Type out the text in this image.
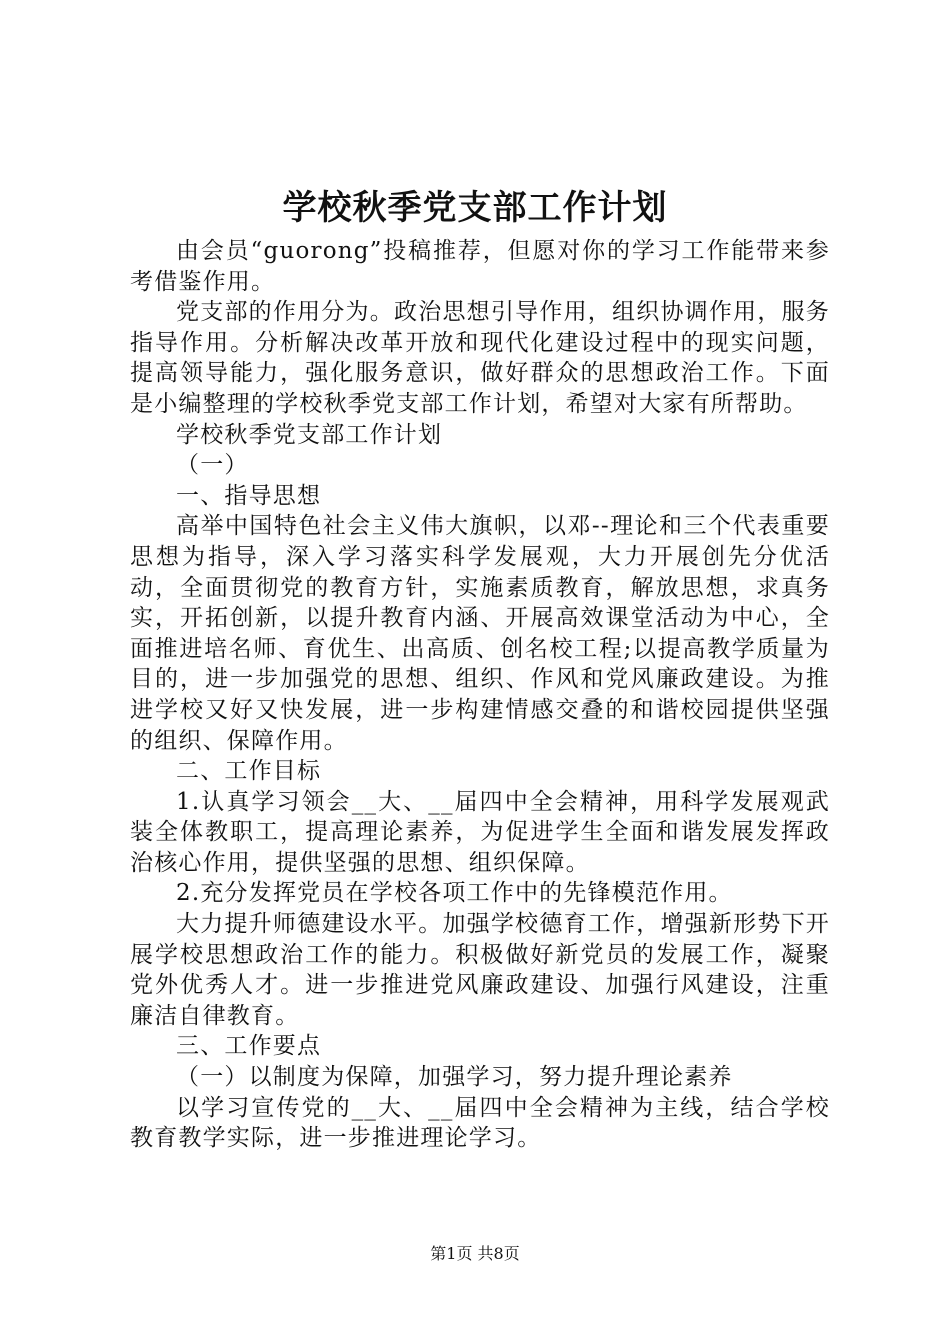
学校秋季党支部工作计划

由会员“guorong”投稿推荐，但愿对你的学习工作能带来参考借鉴作用。

党支部的作用分为。政治思想引导作用，组织协调作用，服务指导作用。分析解决改革开放和现代化建设过程中的现实问题，提高领导能力，强化服务意识，做好群众的思想政治工作。下面是小编整理的学校秋季党支部工作计划，希望对大家有所帮助。

学校秋季党支部工作计划

（一）

一、指导思想

高举中国特色社会主义伟大旗帜，以邓--理论和三个代表重要思想为指导，深入学习落实科学发展观，大力开展创先分优活动，全面贯彻党的教育方针，实施素质教育，解放思想，求真务实，开拓创新，以提升教育内涵、开展高效课堂活动为中心，全面推进培名师、育优生、出高质、创名校工程;以提高教学质量为目的，进一步加强党的思想、组织、作风和党风廉政建设。为推进学校又好又快发展，进一步构建情感交叠的和谐校园提供坚强的组织、保障作用。

二、工作目标

1.认真学习领会__大、__届四中全会精神，用科学发展观武装全体教职工，提高理论素养，为促进学生全面和谐发展发挥政治核心作用，提供坚强的思想、组织保障。

2.充分发挥党员在学校各项工作中的先锋模范作用。

大力提升师德建设水平。加强学校德育工作，增强新形势下开展学校思想政治工作的能力。积极做好新党员的发展工作，凝聚党外优秀人才。进一步推进党风廉政建设、加强行风建设，注重廉洁自律教育。

三、工作要点

（一）以制度为保障，加强学习，努力提升理论素养

以学习宣传党的__大、__届四中全会精神为主线，结合学校教育教学实际，进一步推进理论学习。

第1页 共8页
